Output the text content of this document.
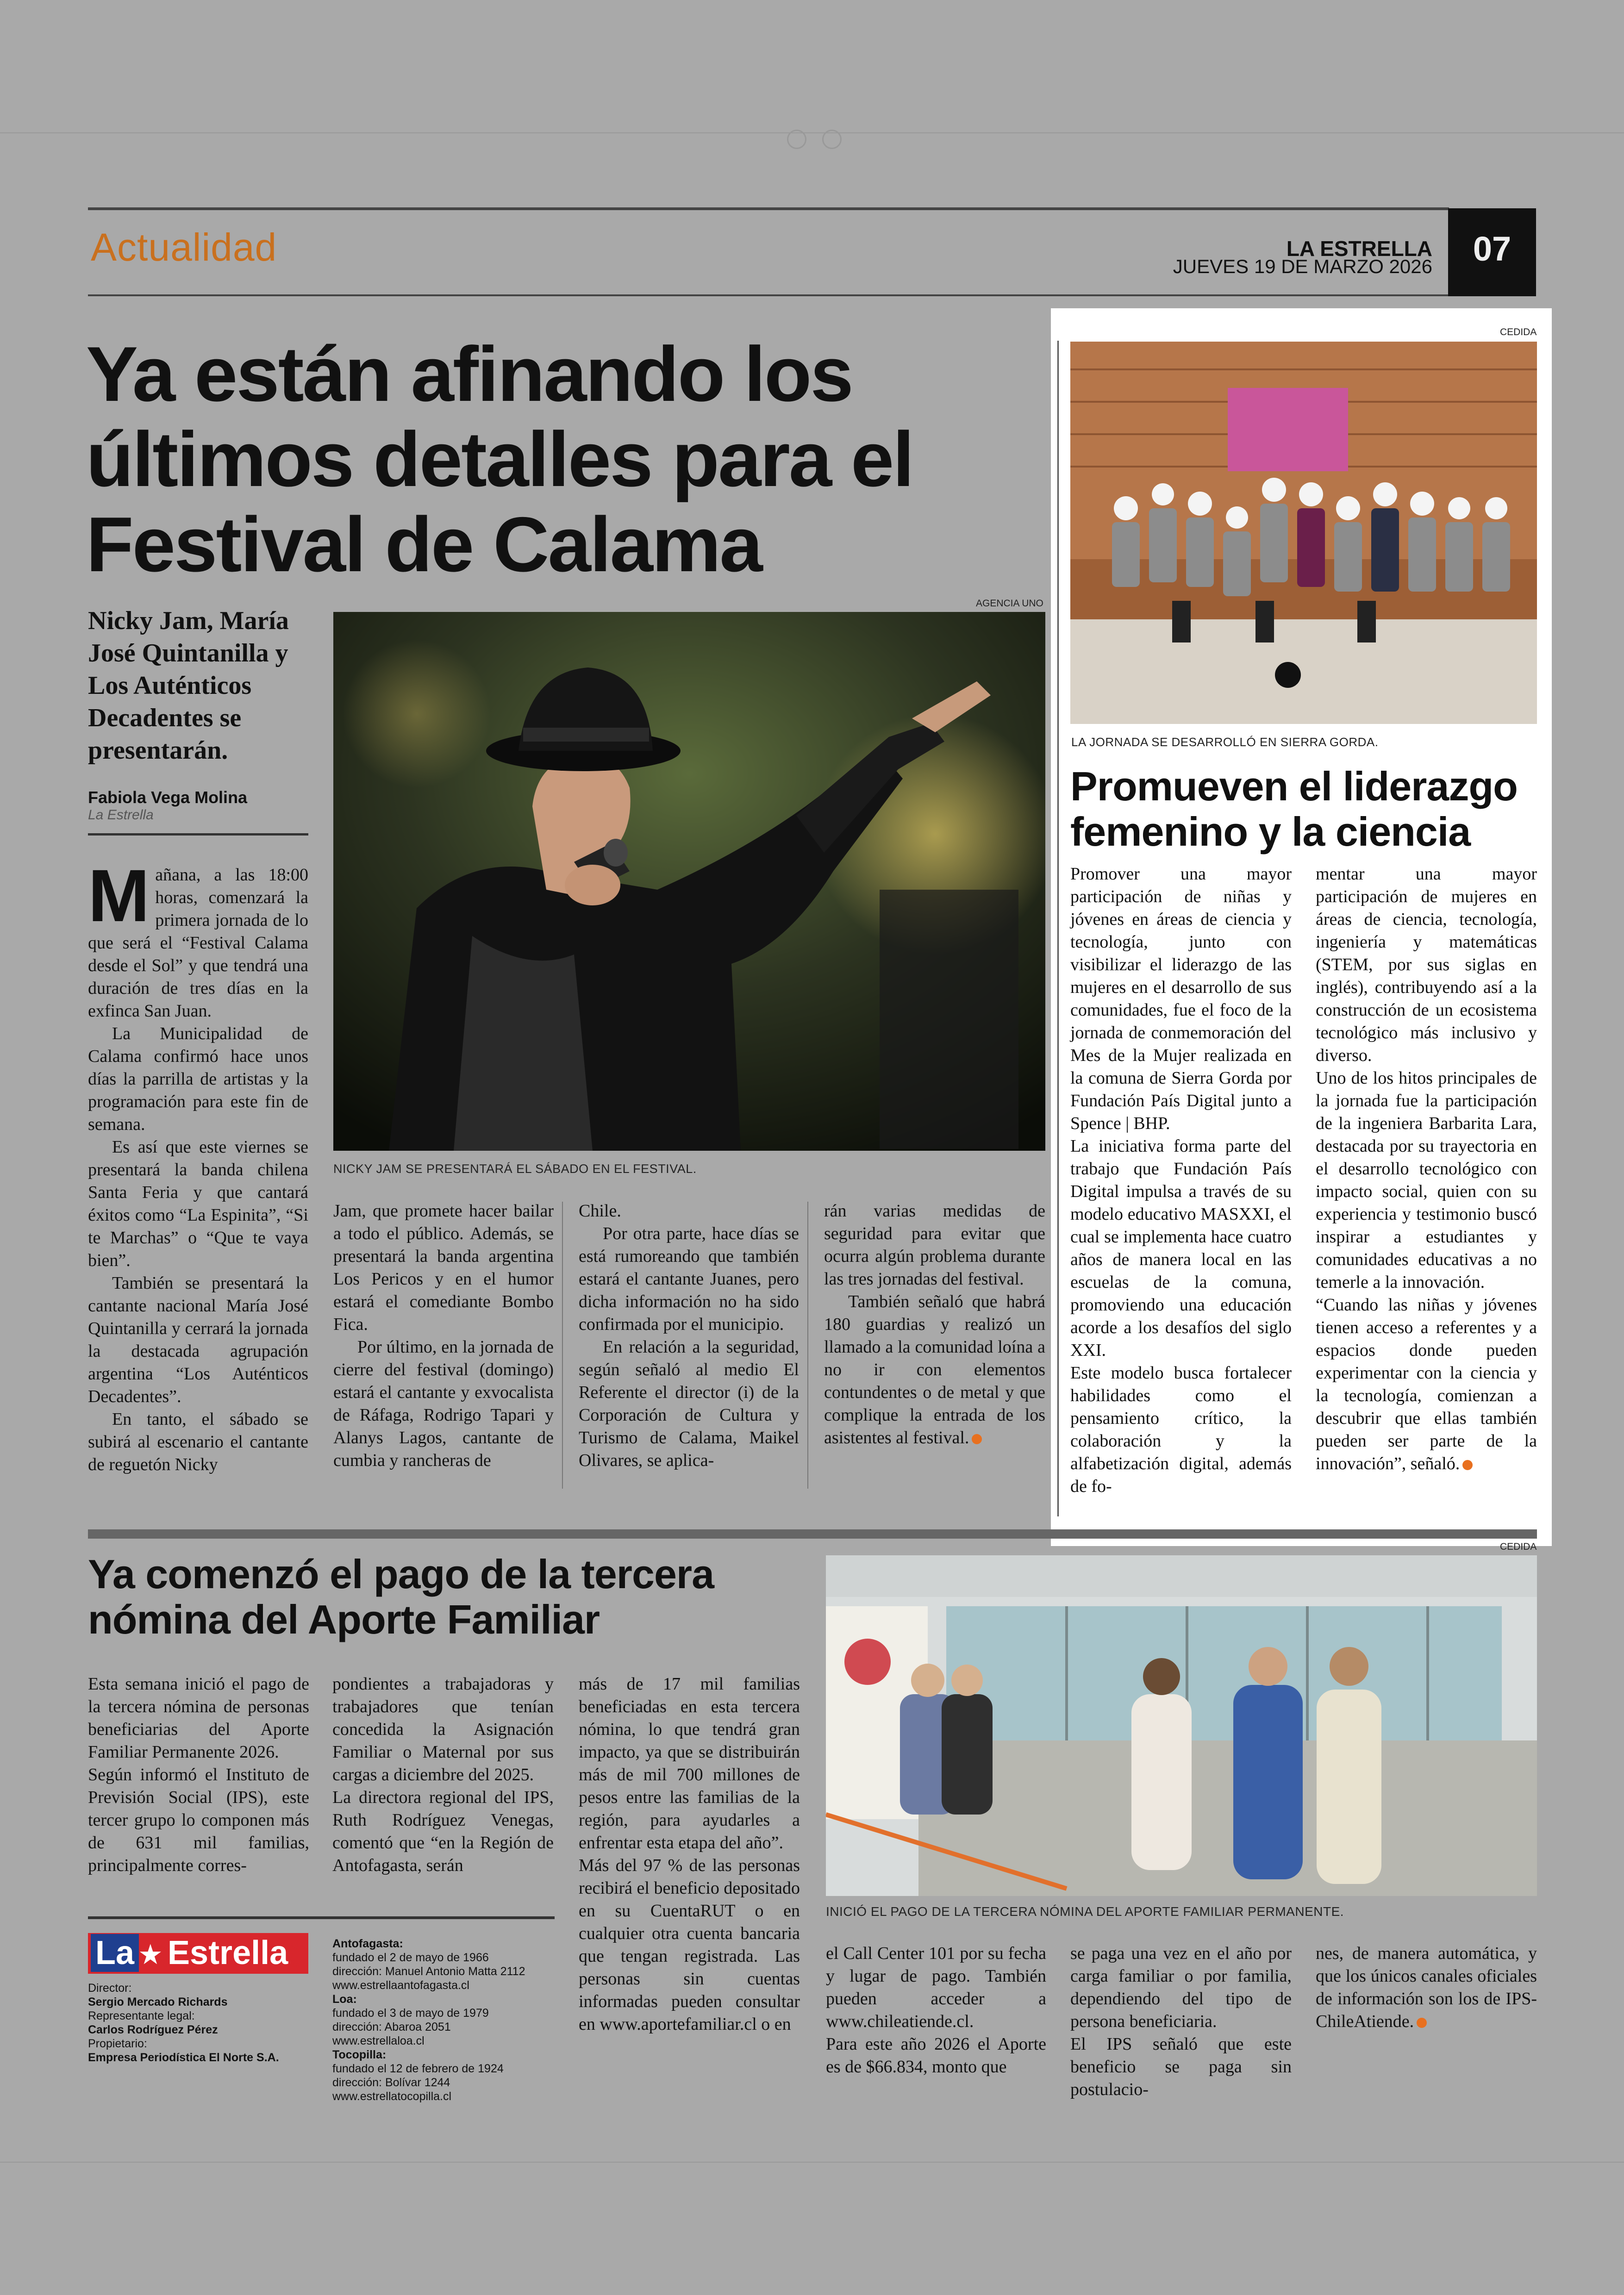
Actualidad	LA ESTRELLA
JUEVES 19 DE MARZO 2026	07
Ya están afinando los
últimos detalles para el
Festival de Calama
Nicky Jam, María José Quintanilla y Los Auténticos Decadentes se presentarán.
Fabiola Vega Molina
La Estrella
AGENCIA UNO
NICKY JAM SE PRESENTARÁ EL SÁBADO EN EL FESTIVAL.
M añana, a las 18:00 horas, comenzará la primera jornada de lo que será el “Festival Calama desde el Sol” y que tendrá una duración de tres días en la exfinca San Juan.

La Municipalidad de Calama confirmó hace unos días la parrilla de artistas y la programación para este fin de semana.

Es así que este viernes se presentará la banda chilena Santa Feria y que cantará éxitos como “La Espinita”, “Si te Marchas” o “Que te vaya bien”.

También se presentará la cantante nacional María José Quintanilla y cerrará la jornada la destacada agrupación argentina “Los Auténticos Decadentes”.

En tanto, el sábado se subirá al escenario el cantante de reguetón Nicky

Jam, que promete hacer bailar a todo el público. Además, se presentará la banda argentina Los Pericos y en el humor estará el comediante Bombo Fica.

Por último, en la jornada de cierre del festival (domingo) estará el cantante y exvocalista de Ráfaga, Rodrigo Tapari y Alanys Lagos, cantante de cumbia y rancheras de

Chile.

Por otra parte, hace días se está rumoreando que también estará el cantante Juanes, pero dicha información no ha sido confirmada por el municipio.

En relación a la seguridad, según señaló al medio El Referente el director (i) de la Corporación de Cultura y Turismo de Calama, Maikel Olivares, se aplica-

rán varias medidas de seguridad para evitar que ocurra algún problema durante las tres jornadas del festival.

También señaló que habrá 180 guardias y realizó un llamado a la comunidad loína a no ir con elementos contundentes o de metal y que complique la entrada de los asistentes al festival.

CEDIDA
LA JORNADA SE DESARROLLÓ EN SIERRA GORDA.
Promueven el liderazgo
femenino y la ciencia

Promover una mayor participación de niñas y jóvenes en áreas de ciencia y tecnología, junto con visibilizar el liderazgo de las mujeres en el desarrollo de sus comunidades, fue el foco de la jornada de conmemoración del Mes de la Mujer realizada en la comuna de Sierra Gorda por Fundación País Digital junto a Spence | BHP.

La iniciativa forma parte del trabajo que Fundación País Digital impulsa a través de su modelo educativo MASXXI, el cual se implementa hace cuatro años de manera local en las escuelas de la comuna, promoviendo una educación acorde a los desafíos del siglo XXI.

Este modelo busca fortalecer habilidades como el pensamiento crítico, la colaboración y la alfabetización digital, además de fo-

mentar una mayor participación de mujeres en áreas de ciencia, tecnología, ingeniería y matemáticas (STEM, por sus siglas en inglés), contribuyendo así a la construcción de un ecosistema tecnológico más inclusivo y diverso.

Uno de los hitos principales de la jornada fue la participación de la ingeniera Barbarita Lara, destacada por su trayectoria en el desarrollo tecnológico con impacto social, quien con su experiencia y testimonio buscó inspirar a estudiantes y comunidades educativas a no temerle a la innovación.

“Cuando las niñas y jóvenes tienen acceso a referentes y a espacios donde pueden experimentar con la ciencia y la tecnología, comienzan a descubrir que ellas también pueden ser parte de la innovación”, señaló.

Ya comenzó el pago de la tercera
nómina del Aporte Familiar
CEDIDA
INICIÓ EL PAGO DE LA TERCERA NÓMINA DEL APORTE FAMILIAR PERMANENTE.

Esta semana inició el pago de la tercera nómina de personas beneficiarias del Aporte Familiar Permanente 2026.

Según informó el Instituto de Previsión Social (IPS), este tercer grupo lo componen más de 631 mil familias, principalmente corres-

pondientes a trabajadoras y trabajadores que tenían concedida la Asignación Familiar o Maternal por sus cargas a diciembre del 2025.

La directora regional del IPS, Ruth Rodríguez Venegas, comentó que “en la Región de Antofagasta, serán

más de 17 mil familias beneficiadas en esta tercera nómina, lo que tendrá gran impacto, ya que se distribuirán más de mil 700 millones de pesos entre las familias de la región, para ayudarles a enfrentar esta etapa del año”.

Más del 97 % de las personas recibirá el beneficio depositado en su CuentaRUT o en cualquier otra cuenta bancaria que tengan registrada. Las personas sin cuentas informadas pueden consultar en www.aportefamiliar.cl o en

el Call Center 101 por su fecha y lugar de pago. También pueden acceder a www.chileatiende.cl.

Para este año 2026 el Aporte es de $66.834, monto que

se paga una vez en el año por carga familiar o por familia, dependiendo del tipo de persona beneficiaria.

El IPS señaló que este beneficio se paga sin postulacio-

nes, de manera automática, y que los únicos canales oficiales de información son los de IPS-ChileAtiende.

La ★ Estrella
Director:
Sergio Mercado Richards
Representante legal:
Carlos Rodríguez Pérez
Propietario:
Empresa Periodística El Norte S.A.
Antofagasta:
fundado el 2 de mayo de 1966
dirección: Manuel Antonio Matta 2112
www.estrellaantofagasta.cl
Loa:
fundado el 3 de mayo de 1979
dirección: Abaroa 2051
www.estrellaloa.cl
Tocopilla:
fundado el 12 de febrero de 1924
dirección: Bolívar 1244
www.estrellatocopilla.cl
